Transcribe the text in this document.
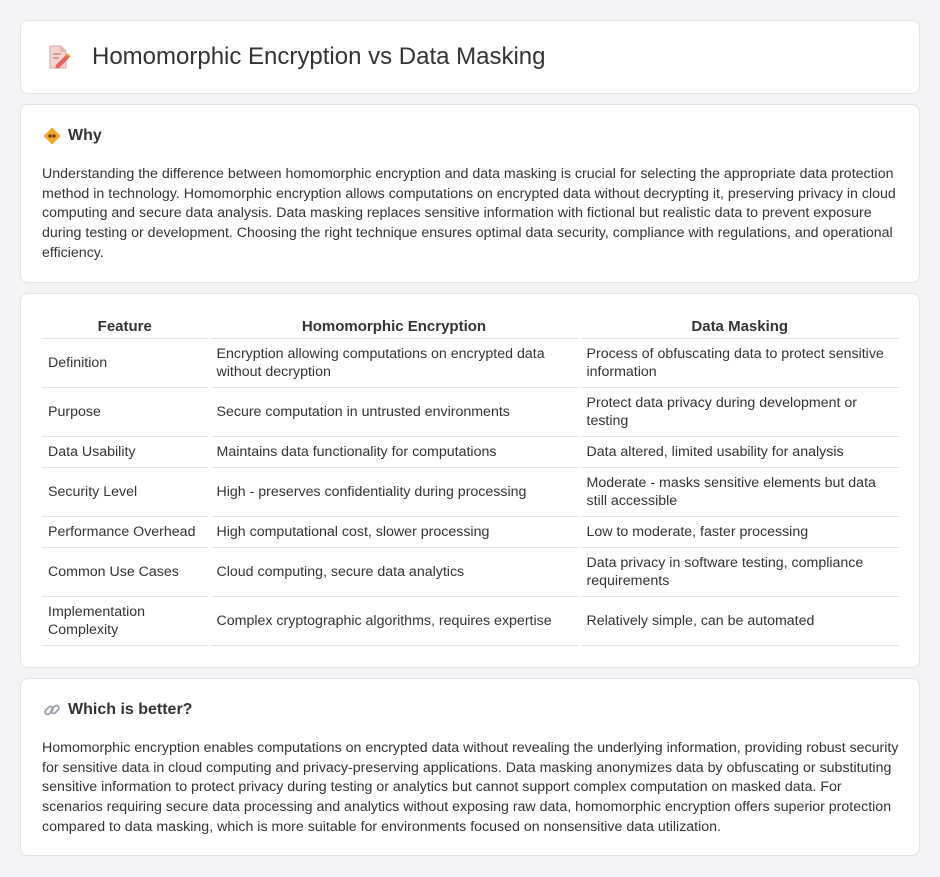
Homomorphic Encryption vs Data Masking
Why

Understanding the difference between homomorphic encryption and data masking is crucial for selecting the appropriate data protection method in technology. Homomorphic encryption allows computations on encrypted data without decrypting it, preserving privacy in cloud computing and secure data analysis. Data masking replaces sensitive information with fictional but realistic data to prevent exposure during testing or development. Choosing the right technique ensures optimal data security, compliance with regulations, and operational efficiency.

Feature	Homomorphic Encryption	Data Masking
Definition	Encryption allowing computations on encrypted data without decryption	Process of obfuscating data to protect sensitive information
Purpose	Secure computation in untrusted environments	Protect data privacy during development or testing
Data Usability	Maintains data functionality for computations	Data altered, limited usability for analysis
Security Level	High - preserves confidentiality during processing	Moderate - masks sensitive elements but data still accessible
Performance Overhead	High computational cost, slower processing	Low to moderate, faster processing
Common Use Cases	Cloud computing, secure data analytics	Data privacy in software testing, compliance requirements
Implementation Complexity	Complex cryptographic algorithms, requires expertise	Relatively simple, can be automated
Which is better?

Homomorphic encryption enables computations on encrypted data without revealing the underlying information, providing robust security for sensitive data in cloud computing and privacy-preserving applications. Data masking anonymizes data by obfuscating or substituting sensitive information to protect privacy during testing or analytics but cannot support complex computation on masked data. For scenarios requiring secure data processing and analytics without exposing raw data, homomorphic encryption offers superior protection compared to data masking, which is more suitable for environments focused on nonsensitive data utilization.
